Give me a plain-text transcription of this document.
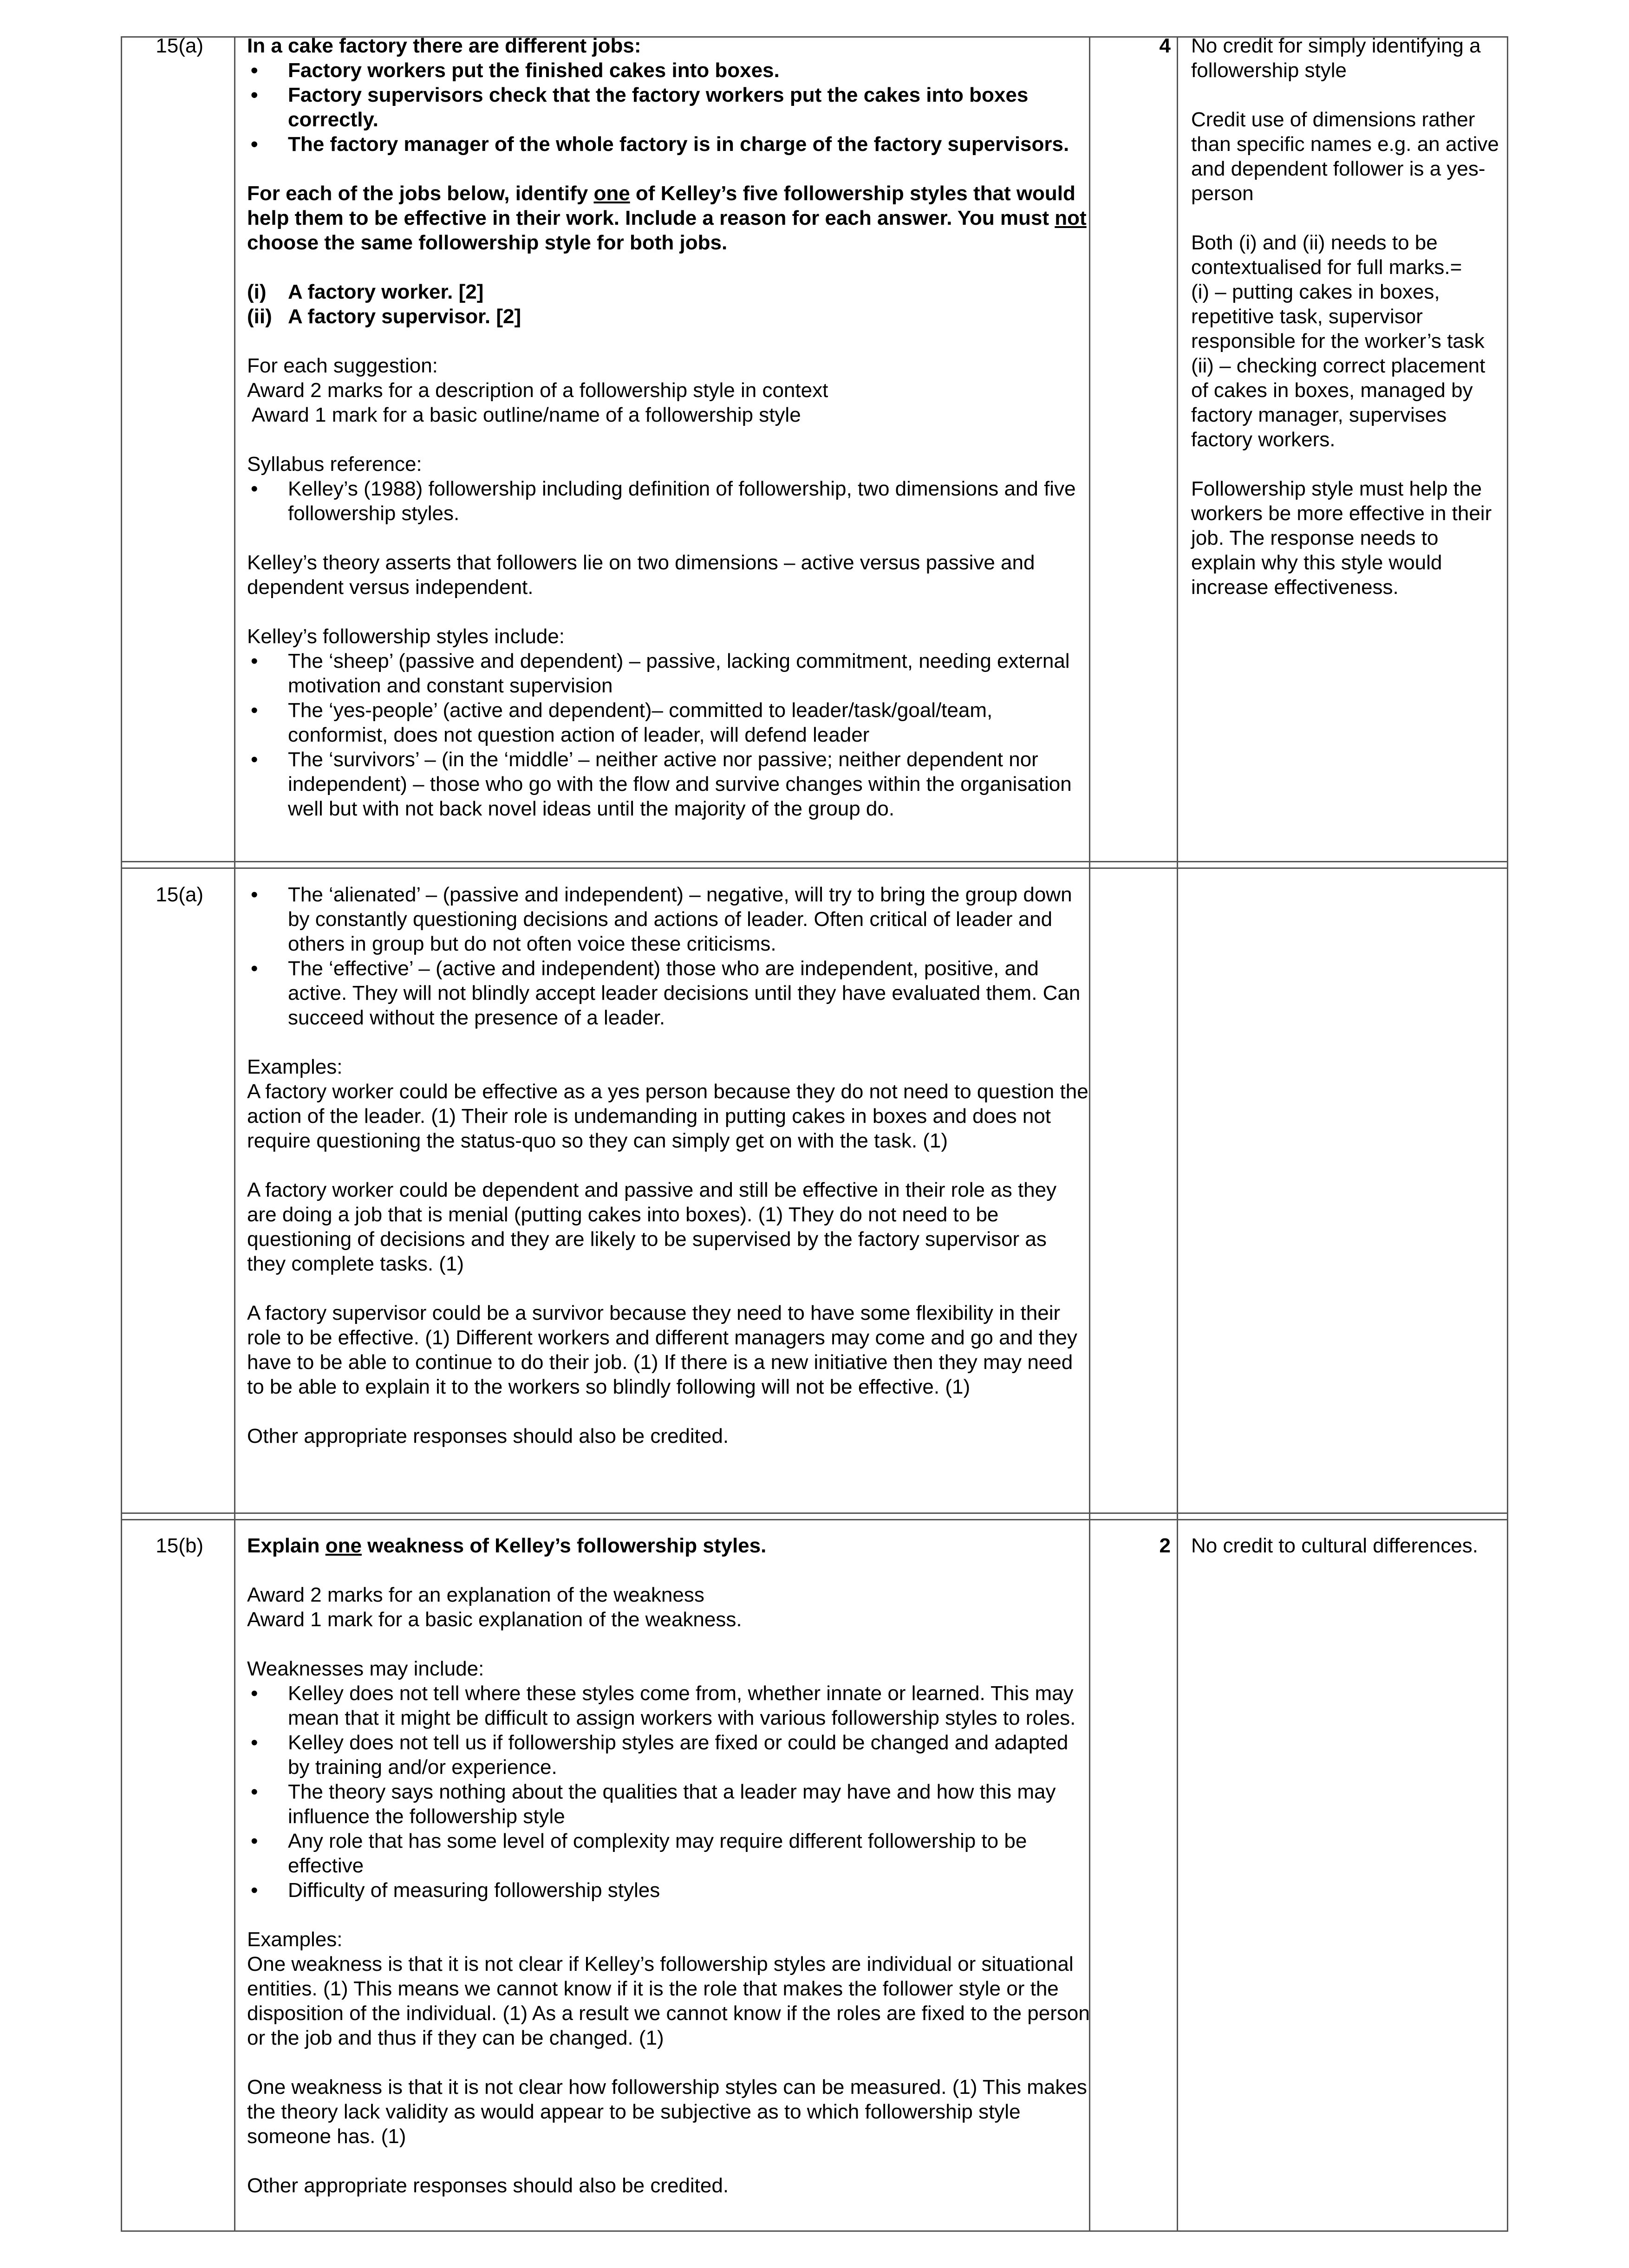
15(a) In a cake factory there are different jobs:

• Factory workers put the finished cakes into boxes.
• Factory supervisors check that the factory workers put the cakes into boxes correctly.
• The factory manager of the whole factory is in charge of the factory supervisors.

For each of the jobs below, identify one of Kelley’s five followership styles that would help them to be effective in their work. Include a reason for each answer. You must not choose the same followership style for both jobs.

(i) A factory worker. [2]

(ii) A factory supervisor. [2]

For each suggestion:

Award 2 marks for a description of a followership style in context

Award 1 mark for a basic outline/name of a followership style

Syllabus reference:

• Kelley’s (1988) followership including definition of followership, two dimensions and five followership styles.

Kelley’s theory asserts that followers lie on two dimensions – active versus passive and dependent versus independent.

Kelley’s followership styles include:

• The ‘sheep’ (passive and dependent) – passive, lacking commitment, needing external motivation and constant supervision
• The ‘yes-people’ (active and dependent)– committed to leader/task/goal/team, conformist, does not question action of leader, will defend leader
• The ‘survivors’ – (in the ‘middle’ – neither active nor passive; neither dependent nor independent) – those who go with the flow and survive changes within the organisation well but with not back novel ideas until the majority of the group do.
4 No credit for simply identifying a followership style

Credit use of dimensions rather than specific names e.g. an active and dependent follower is a yes-person

Both (i) and (ii) needs to be contextualised for full marks.=
(i) – putting cakes in boxes, repetitive task, supervisor responsible for the worker’s task
(ii) – checking correct placement of cakes in boxes, managed by factory manager, supervises factory workers.

Followership style must help the workers be more effective in their job. The response needs to explain why this style would increase effectiveness.

15(a)
•	The ‘alienated’ – (passive and independent) – negative, will try to bring the group down by constantly questioning decisions and actions of leader. Often critical of leader and others in group but do not often voice these criticisms.
• The ‘effective’ – (active and independent) those who are independent, positive, and active. They will not blindly accept leader decisions until they have evaluated them. Can succeed without the presence of a leader.

Examples:

A factory worker could be effective as a yes person because they do not need to question the action of the leader. (1) Their role is undemanding in putting cakes in boxes and does not require questioning the status-quo so they can simply get on with the task. (1)

A factory worker could be dependent and passive and still be effective in their role as they are doing a job that is menial (putting cakes into boxes). (1) They do not need to be questioning of decisions and they are likely to be supervised by the factory supervisor as they complete tasks. (1)

A factory supervisor could be a survivor because they need to have some flexibility in their role to be effective. (1) Different workers and different managers may come and go and they have to be able to continue to do their job. (1) If there is a new initiative then they may need to be able to explain it to the workers so blindly following will not be effective. (1)

Other appropriate responses should also be credited.

15(b) Explain one weakness of Kelley’s followership styles.

Award 2 marks for an explanation of the weakness

Award 1 mark for a basic explanation of the weakness.

Weaknesses may include:

• Kelley does not tell where these styles come from, whether innate or learned. This may mean that it might be difficult to assign workers with various followership styles to roles.
• Kelley does not tell us if followership styles are fixed or could be changed and adapted by training and/or experience.
• The theory says nothing about the qualities that a leader may have and how this may influence the followership style
• Any role that has some level of complexity may require different followership to be effective
• Difficulty of measuring followership styles

Examples:

One weakness is that it is not clear if Kelley’s followership styles are individual or situational entities. (1) This means we cannot know if it is the role that makes the follower style or the disposition of the individual. (1) As a result we cannot know if the roles are fixed to the person or the job and thus if they can be changed. (1)

One weakness is that it is not clear how followership styles can be measured. (1) This makes the theory lack validity as would appear to be subjective as to which followership style someone has. (1)

Other appropriate responses should also be credited.

2 No credit to cultural differences.
